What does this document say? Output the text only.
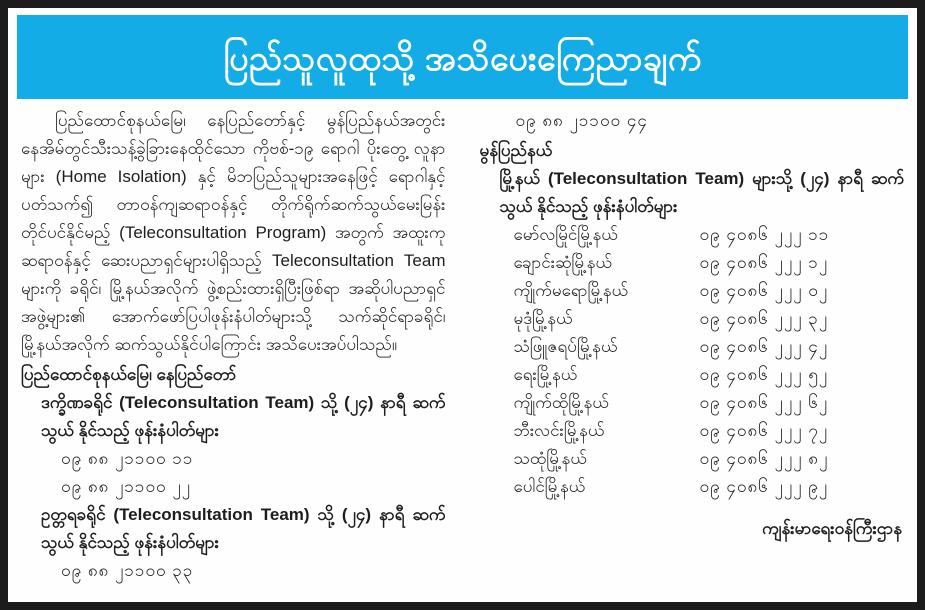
ပြည်သူလူထုသို့ အသိပေးကြေညာချက်

ပြည်ထောင်စုနယ်မြေ၊ နေပြည်တော်နှင့် မွန်ပြည်နယ်အတွင်း နေအိမ်တွင်သီးသန့်ခွဲခြားနေထိုင်သော ကိုဗစ်-၁၉ ရောဂါ ပိုးတွေ့ လူနာများ (Home Isolation) နှင့် မိဘပြည်သူများအနေဖြင့် ရောဂါနှင့် ပတ်သက်၍ တာဝန်ကျဆရာဝန်နှင့် တိုက်ရိုက်ဆက်သွယ်မေးမြန်း တိုင်ပင်နိုင်မည့် (Teleconsultation Program) အတွက် အထူးကု ဆရာဝန်နှင့် ဆေးပညာရှင်များပါရှိသည့် Teleconsultation Team များကို ခရိုင်၊ မြို့နယ်အလိုက် ဖွဲ့စည်းထားရှိပြီးဖြစ်ရာ အဆိုပါပညာရှင် အဖွဲ့များ၏ အောက်ဖော်ပြပါဖုန်းနံပါတ်များသို့ သက်ဆိုင်ရာခရိုင်၊ မြို့နယ်အလိုက် ဆက်သွယ်နိုင်ပါကြောင်း အသိပေးအပ်ပါသည်။

ပြည်ထောင်စုနယ်မြေ၊ နေပြည်တော်
ဒက္ခိဏခရိုင် (Teleconsultation Team) သို့ (၂၄) နာရီ ဆက်သွယ် နိုင်သည့် ဖုန်းနံပါတ်များ
၀၉ ၈၈ ၂၁၁၀၀ ၁၁
၀၉ ၈၈ ၂၁၁၀၀ ၂၂
ဥတ္တရခရိုင် (Teleconsultation Team) သို့ (၂၄) နာရီ ဆက်သွယ် နိုင်သည့် ဖုန်းနံပါတ်များ
၀၉ ၈၈ ၂၁၁၀၀ ၃၃
၀၉ ၈၈ ၂၁၁၀၀ ၄၄
မွန်ပြည်နယ်
မြို့နယ် (Teleconsultation Team) များသို့ (၂၄) နာရီ ဆက်သွယ် နိုင်သည့် ဖုန်းနံပါတ်များ
မော်လမြိုင်မြို့နယ်	၀၉ ၄၀၈၆ ၂၂၂ ၁၁
ချောင်းဆုံမြို့နယ်	၀၉ ၄၀၈၆ ၂၂၂ ၁၂
ကျိုက်မရောမြို့နယ်	၀၉ ၄၀၈၆ ၂၂၂ ၀၂
မုဒုံမြို့နယ်	၀၉ ၄၀၈၆ ၂၂၂ ၃၂
သံဖြူဇရပ်မြို့နယ်	၀၉ ၄၀၈၆ ၂၂၂ ၄၂
ရေးမြို့နယ်	၀၉ ၄၀၈၆ ၂၂၂ ၅၂
ကျိုက်ထိုမြို့နယ်	၀၉ ၄၀၈၆ ၂၂၂ ၆၂
ဘီးလင်းမြို့နယ်	၀၉ ၄၀၈၆ ၂၂၂ ၇၂
သထုံမြို့နယ်	၀၉ ၄၀၈၆ ၂၂၂ ၈၂
ပေါင်မြို့နယ်	၀၉ ၄၀၈၆ ၂၂၂ ၉၂
ကျန်းမာရေးဝန်ကြီးဌာန
